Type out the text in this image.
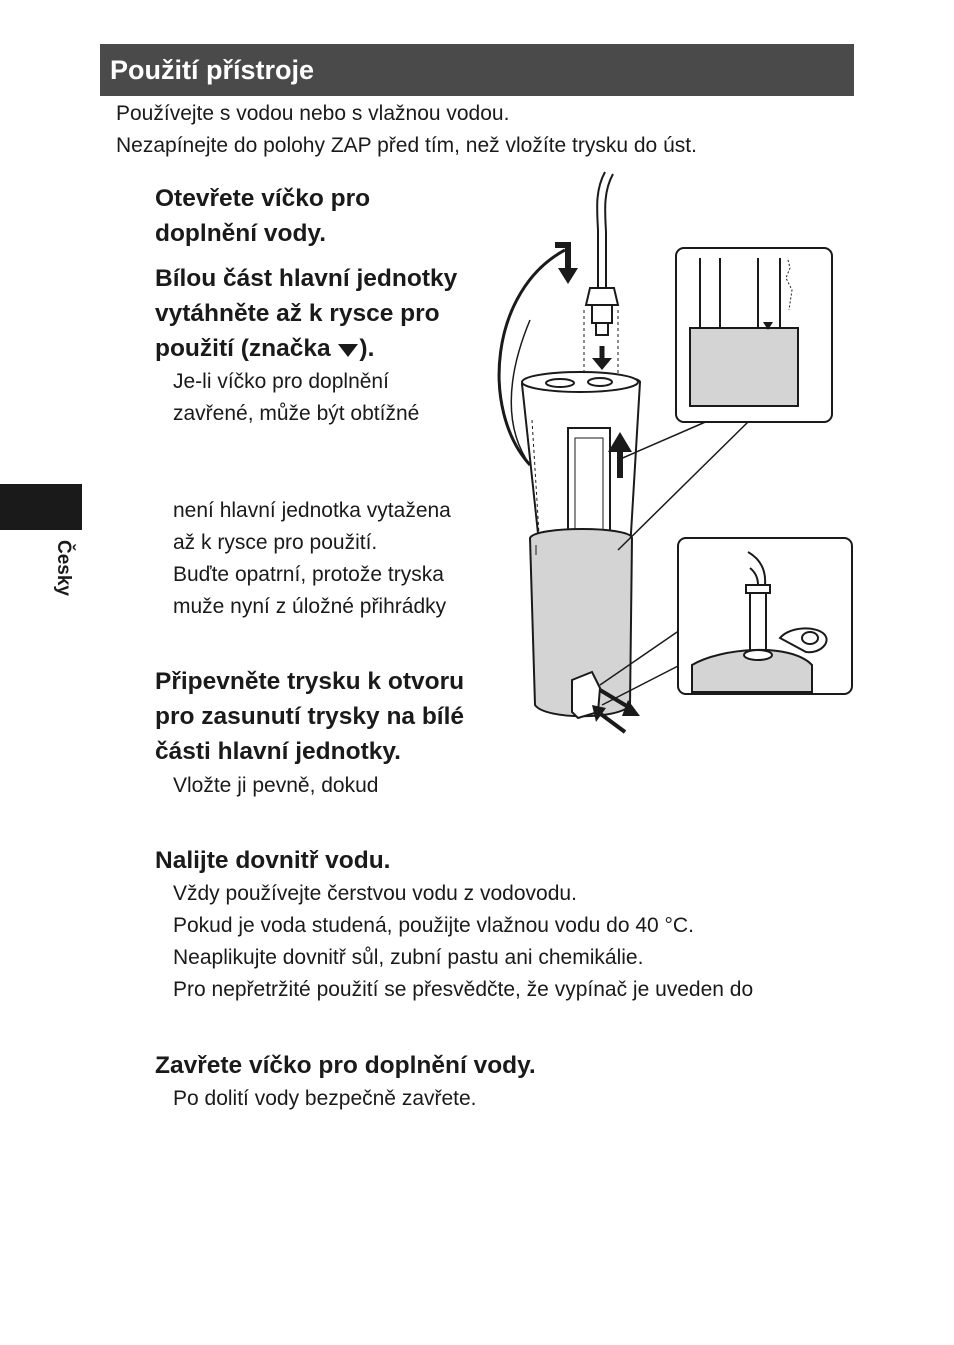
Použití přístroje
Používejte s vodou nebo s vlažnou vodou.
Nezapínejte do polohy ZAP před tím, než vložíte trysku do úst.
Česky
Otevřete víčko pro
doplnění vody.
Bílou část hlavní jednotky
vytáhněte až k rysce pro
použití (značka ).
Je-li víčko pro doplnění
zavřené, může být obtížné
není hlavní jednotka vytažena
až k rysce pro použití.
Buďte opatrní, protože tryska
muže nyní z úložné přihrádky
Připevněte trysku k otvoru
pro zasunutí trysky na bílé
části hlavní jednotky.
Vložte ji pevně, dokud
Nalijte dovnitř vodu.
Vždy používejte čerstvou vodu z vodovodu.
Pokud je voda studená, použijte vlažnou vodu do 40 °C.
Neaplikujte dovnitř sůl, zubní pastu ani chemikálie.
Pro nepřetržité použití se přesvědčte, že vypínač je uveden do
Zavřete víčko pro doplnění vody.
Po dolití vody bezpečně zavřete.
